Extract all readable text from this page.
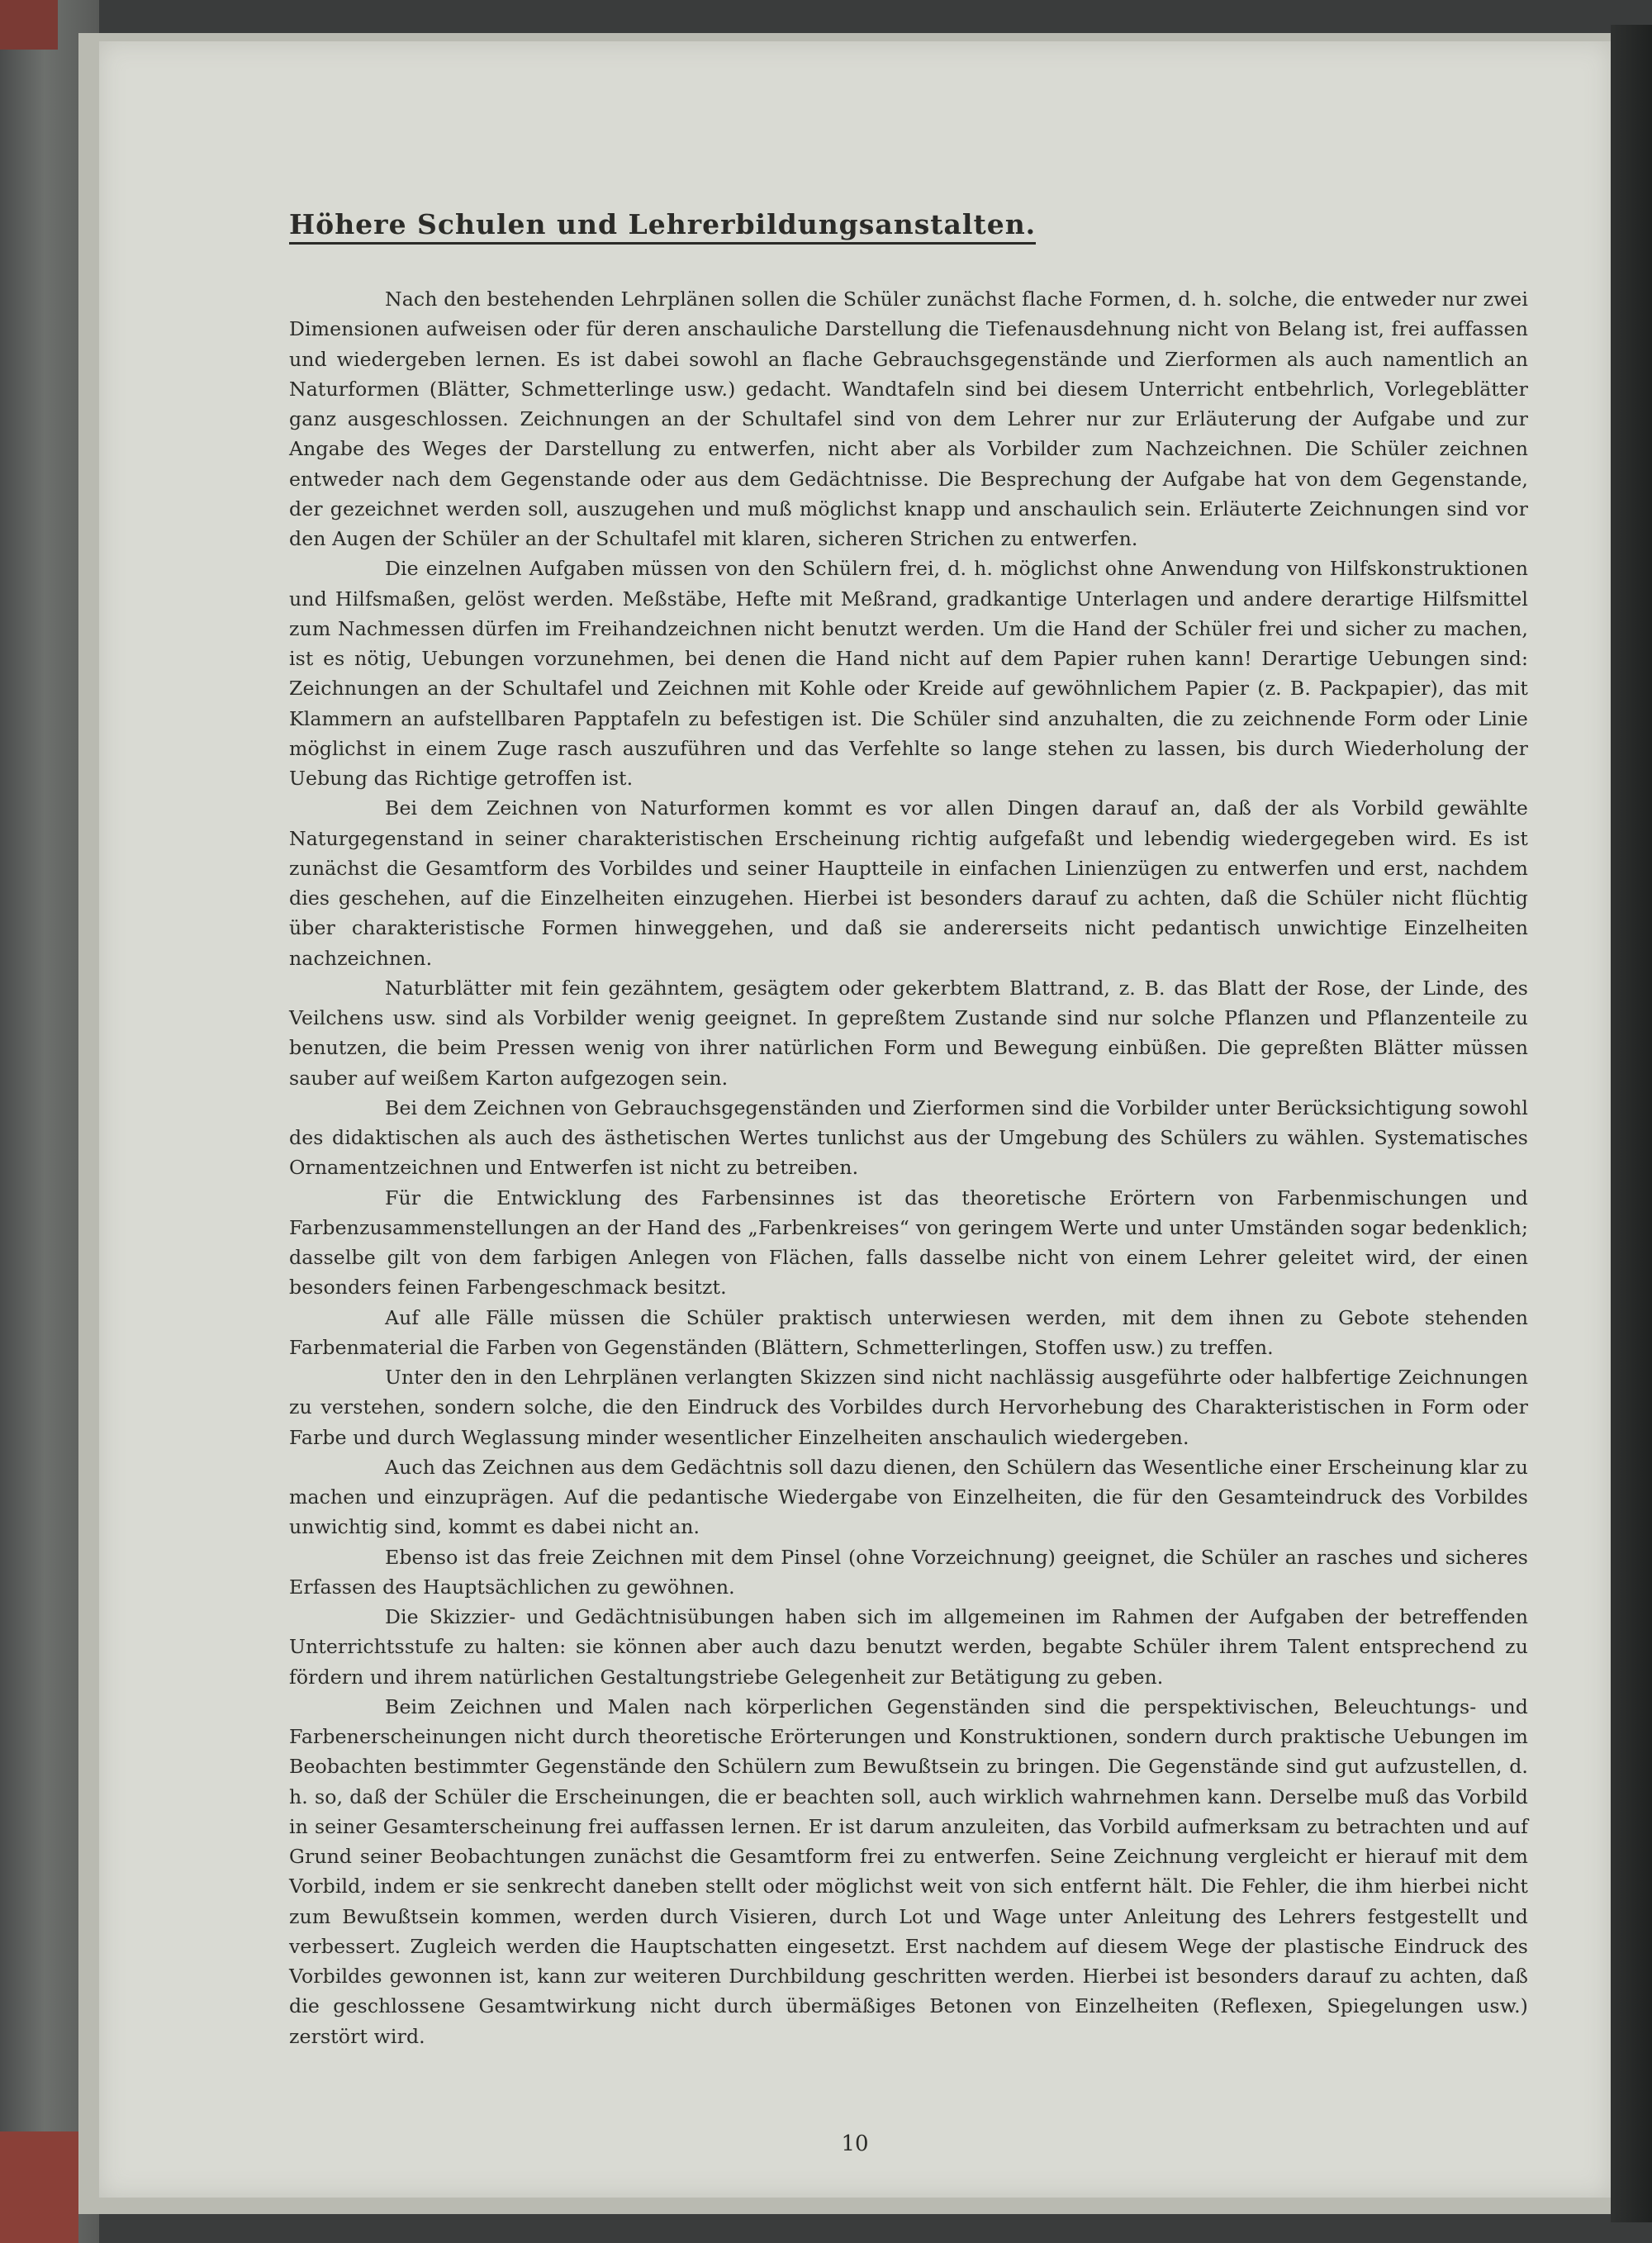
Höhere Schulen und Lehrerbildungsanstalten.

Nach den bestehenden Lehrplänen sollen die Schüler zunächst flache Formen, d. h. solche, die entweder nur zwei Dimensionen aufweisen oder für deren anschauliche Darstellung die Tiefenausdehnung nicht von Belang ist, frei auffassen und wiedergeben lernen. Es ist dabei sowohl an flache Gebrauchsgegenstände und Zierformen als auch namentlich an Naturformen (Blätter, Schmetterlinge usw.) gedacht. Wandtafeln sind bei diesem Unterricht entbehrlich, Vorlegeblätter ganz ausgeschlossen. Zeichnungen an der Schultafel sind von dem Lehrer nur zur Erläuterung der Aufgabe und zur Angabe des Weges der Darstellung zu entwerfen, nicht aber als Vorbilder zum Nachzeichnen. Die Schüler zeichnen entweder nach dem Gegenstande oder aus dem Gedächtnisse. Die Besprechung der Aufgabe hat von dem Gegenstande, der gezeichnet werden soll, auszugehen und muß möglichst knapp und anschaulich sein. Erläuterte Zeichnungen sind vor den Augen der Schüler an der Schultafel mit klaren, sicheren Strichen zu entwerfen.

Die einzelnen Aufgaben müssen von den Schülern frei, d. h. möglichst ohne Anwendung von Hilfskonstruktionen und Hilfsmaßen, gelöst werden. Meßstäbe, Hefte mit Meßrand, gradkantige Unterlagen und andere derartige Hilfsmittel zum Nachmessen dürfen im Freihandzeichnen nicht benutzt werden. Um die Hand der Schüler frei und sicher zu machen, ist es nötig, Uebungen vorzunehmen, bei denen die Hand nicht auf dem Papier ruhen kann! Derartige Uebungen sind: Zeichnungen an der Schultafel und Zeichnen mit Kohle oder Kreide auf gewöhnlichem Papier (z. B. Packpapier), das mit Klammern an aufstellbaren Papptafeln zu befestigen ist. Die Schüler sind anzuhalten, die zu zeichnende Form oder Linie möglichst in einem Zuge rasch auszuführen und das Verfehlte so lange stehen zu lassen, bis durch Wiederholung der Uebung das Richtige getroffen ist.

Bei dem Zeichnen von Naturformen kommt es vor allen Dingen darauf an, daß der als Vorbild gewählte Naturgegenstand in seiner charakteristischen Erscheinung richtig aufgefaßt und lebendig wiedergegeben wird. Es ist zunächst die Gesamtform des Vorbildes und seiner Hauptteile in einfachen Linienzügen zu entwerfen und erst, nachdem dies geschehen, auf die Einzelheiten einzugehen. Hierbei ist besonders darauf zu achten, daß die Schüler nicht flüchtig über charakteristische Formen hinweggehen, und daß sie andererseits nicht pedantisch unwichtige Einzelheiten nachzeichnen.

Naturblätter mit fein gezähntem, gesägtem oder gekerbtem Blattrand, z. B. das Blatt der Rose, der Linde, des Veilchens usw. sind als Vorbilder wenig geeignet. In gepreßtem Zustande sind nur solche Pflanzen und Pflanzenteile zu benutzen, die beim Pressen wenig von ihrer natürlichen Form und Bewegung einbüßen. Die gepreßten Blätter müssen sauber auf weißem Karton aufgezogen sein.

Bei dem Zeichnen von Gebrauchsgegenständen und Zierformen sind die Vorbilder unter Berücksichtigung sowohl des didaktischen als auch des ästhetischen Wertes tunlichst aus der Umgebung des Schülers zu wählen. Systematisches Ornamentzeichnen und Entwerfen ist nicht zu betreiben.

Für die Entwicklung des Farbensinnes ist das theoretische Erörtern von Farbenmischungen und Farbenzusammenstellungen an der Hand des „Farbenkreises“ von geringem Werte und unter Umständen sogar bedenklich; dasselbe gilt von dem farbigen Anlegen von Flächen, falls dasselbe nicht von einem Lehrer geleitet wird, der einen besonders feinen Farbengeschmack besitzt.

Auf alle Fälle müssen die Schüler praktisch unterwiesen werden, mit dem ihnen zu Gebote stehenden Farbenmaterial die Farben von Gegenständen (Blättern, Schmetterlingen, Stoffen usw.) zu treffen.

Unter den in den Lehrplänen verlangten Skizzen sind nicht nachlässig ausgeführte oder halbfertige Zeichnungen zu verstehen, sondern solche, die den Eindruck des Vorbildes durch Hervorhebung des Charakteristischen in Form oder Farbe und durch Weglassung minder wesentlicher Einzelheiten anschaulich wiedergeben.

Auch das Zeichnen aus dem Gedächtnis soll dazu dienen, den Schülern das Wesentliche einer Erscheinung klar zu machen und einzuprägen. Auf die pedantische Wiedergabe von Einzelheiten, die für den Gesamteindruck des Vorbildes unwichtig sind, kommt es dabei nicht an.

Ebenso ist das freie Zeichnen mit dem Pinsel (ohne Vorzeichnung) geeignet, die Schüler an rasches und sicheres Erfassen des Hauptsächlichen zu gewöhnen.

Die Skizzier- und Gedächtnisübungen haben sich im allgemeinen im Rahmen der Aufgaben der betreffenden Unterrichtsstufe zu halten: sie können aber auch dazu benutzt werden, begabte Schüler ihrem Talent entsprechend zu fördern und ihrem natürlichen Gestaltungstriebe Gelegenheit zur Betätigung zu geben.

Beim Zeichnen und Malen nach körperlichen Gegenständen sind die perspektivischen, Beleuchtungs- und Farbenerscheinungen nicht durch theoretische Erörterungen und Konstruktionen, sondern durch praktische Uebungen im Beobachten bestimmter Gegenstände den Schülern zum Bewußtsein zu bringen. Die Gegenstände sind gut aufzustellen, d. h. so, daß der Schüler die Erscheinungen, die er beachten soll, auch wirklich wahrnehmen kann. Derselbe muß das Vorbild in seiner Gesamterscheinung frei auffassen lernen. Er ist darum anzuleiten, das Vorbild aufmerksam zu betrachten und auf Grund seiner Beobachtungen zunächst die Gesamtform frei zu entwerfen. Seine Zeichnung vergleicht er hierauf mit dem Vorbild, indem er sie senkrecht daneben stellt oder möglichst weit von sich entfernt hält. Die Fehler, die ihm hierbei nicht zum Bewußtsein kommen, werden durch Visieren, durch Lot und Wage unter Anleitung des Lehrers festgestellt und verbessert. Zugleich werden die Hauptschatten eingesetzt. Erst nachdem auf diesem Wege der plastische Eindruck des Vorbildes gewonnen ist, kann zur weiteren Durchbildung geschritten werden. Hierbei ist besonders darauf zu achten, daß die geschlossene Gesamtwirkung nicht durch übermäßiges Betonen von Einzelheiten (Reflexen, Spiegelungen usw.) zerstört wird.

10
